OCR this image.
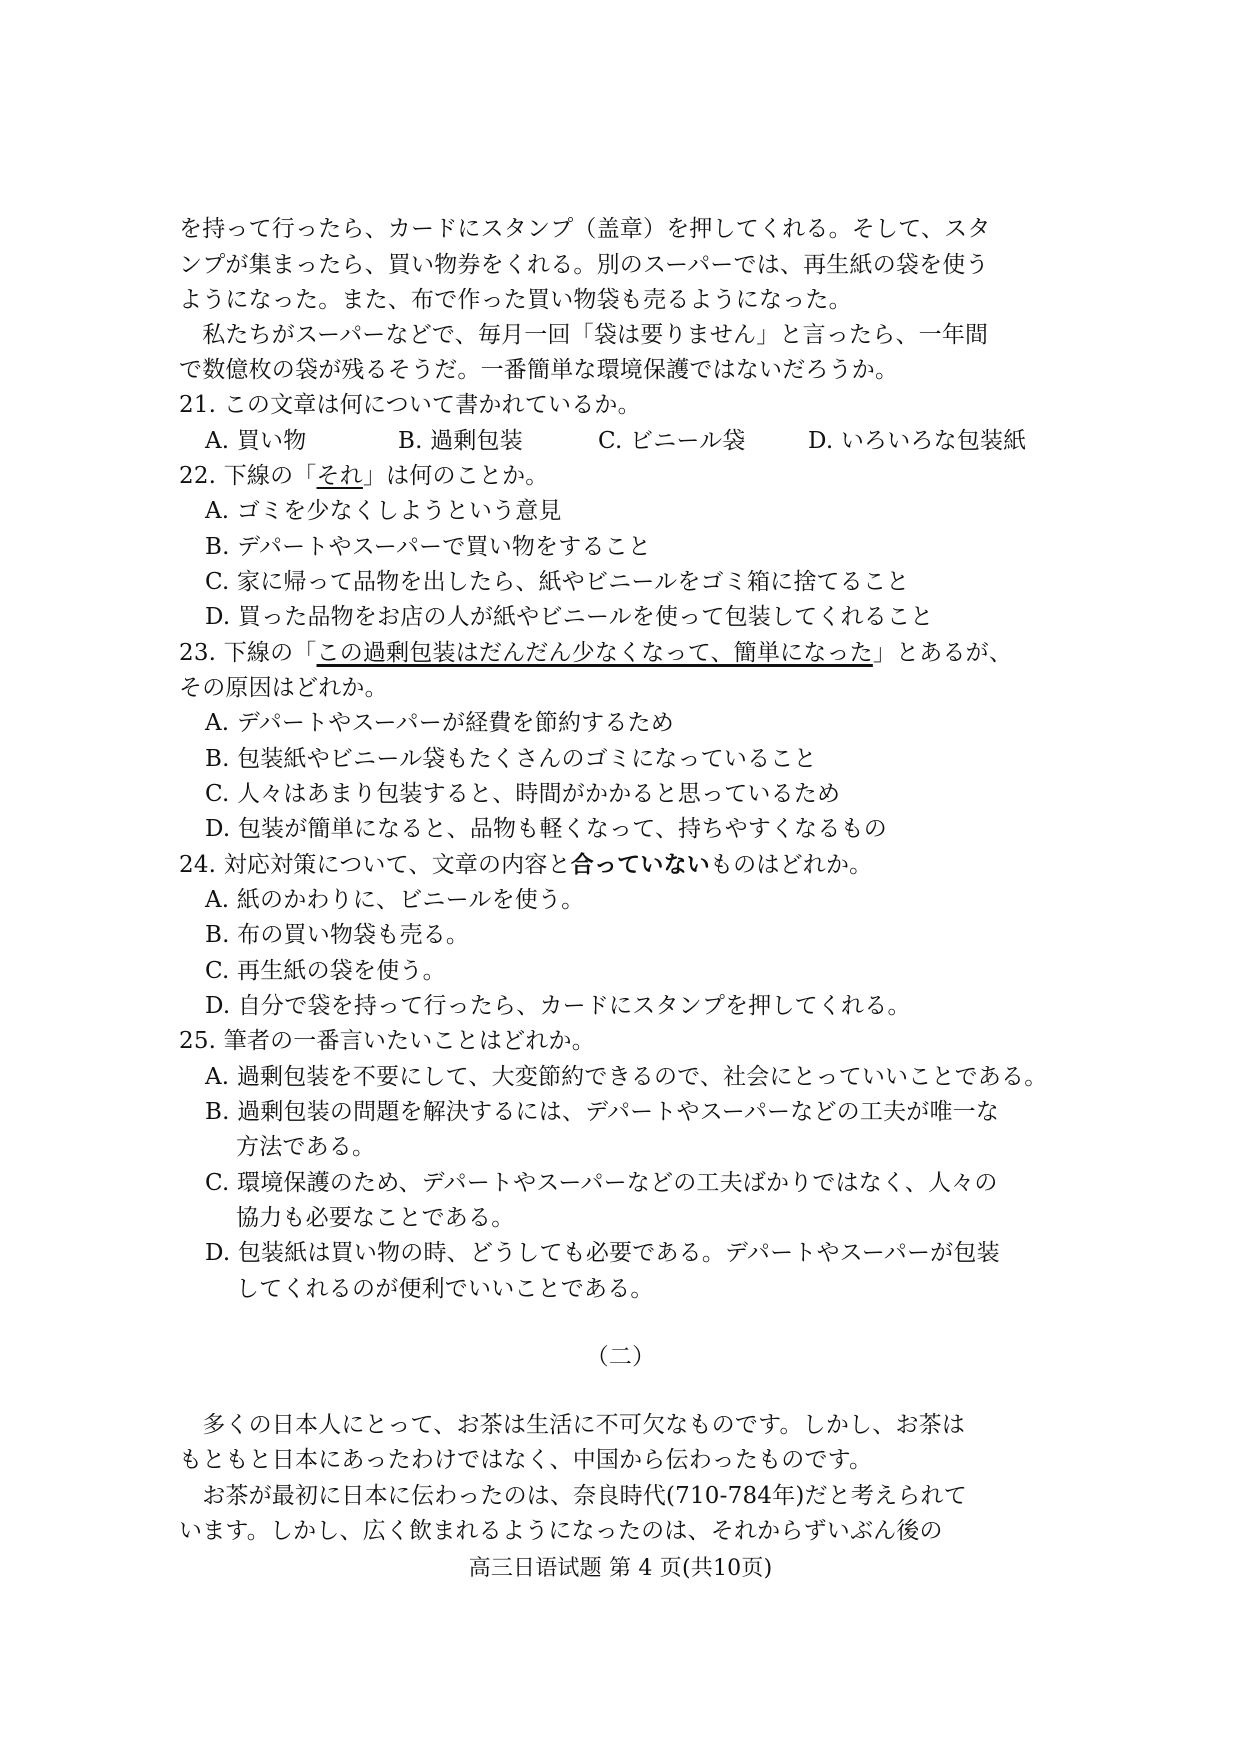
を持って行ったら、カードにスタンプ（盖章）を押してくれる。そして、スタ
ンプが集まったら、買い物券をくれる。別のスーパーでは、再生紙の袋を使う
ようになった。また、布で作った買い物袋も売るようになった。
　私たちがスーパーなどで、毎月一回「袋は要りません」と言ったら、一年間
で数億枚の袋が残るそうだ。一番簡単な環境保護ではないだろうか。
21. この文章は何について書かれているか。
A. 買い物	B. 過剰包装	C. ビニール袋	D. いろいろな包装紙
22. 下線の「それ」は何のことか。
A. ゴミを少なくしようという意見
B. デパートやスーパーで買い物をすること
C. 家に帰って品物を出したら、紙やビニールをゴミ箱に捨てること
D. 買った品物をお店の人が紙やビニールを使って包装してくれること
23. 下線の「この過剰包装はだんだん少なくなって、簡単になった」とあるが、
その原因はどれか。
A. デパートやスーパーが経費を節約するため
B. 包装紙やビニール袋もたくさんのゴミになっていること
C. 人々はあまり包装すると、時間がかかると思っているため
D. 包装が簡単になると、品物も軽くなって、持ちやすくなるもの
24. 対応対策について、文章の内容と合っていないものはどれか。
A. 紙のかわりに、ビニールを使う。
B. 布の買い物袋も売る。
C. 再生紙の袋を使う。
D. 自分で袋を持って行ったら、カードにスタンプを押してくれる。
25. 筆者の一番言いたいことはどれか。
A. 過剰包装を不要にして、大変節約できるので、社会にとっていいことである。
B. 過剰包装の問題を解決するには、デパートやスーパーなどの工夫が唯一な
方法である。
C. 環境保護のため、デパートやスーパーなどの工夫ばかりではなく、人々の
協力も必要なことである。
D. 包装紙は買い物の時、どうしても必要である。デパートやスーパーが包装
してくれるのが便利でいいことである。
（二）
　多くの日本人にとって、お茶は生活に不可欠なものです。しかし、お茶は
もともと日本にあったわけではなく、中国から伝わったものです。
　お茶が最初に日本に伝わったのは、奈良時代(710-784年)だと考えられて
います。しかし、広く飲まれるようになったのは、それからずいぶん後の
高三日语试题 第 4 页(共10页)
